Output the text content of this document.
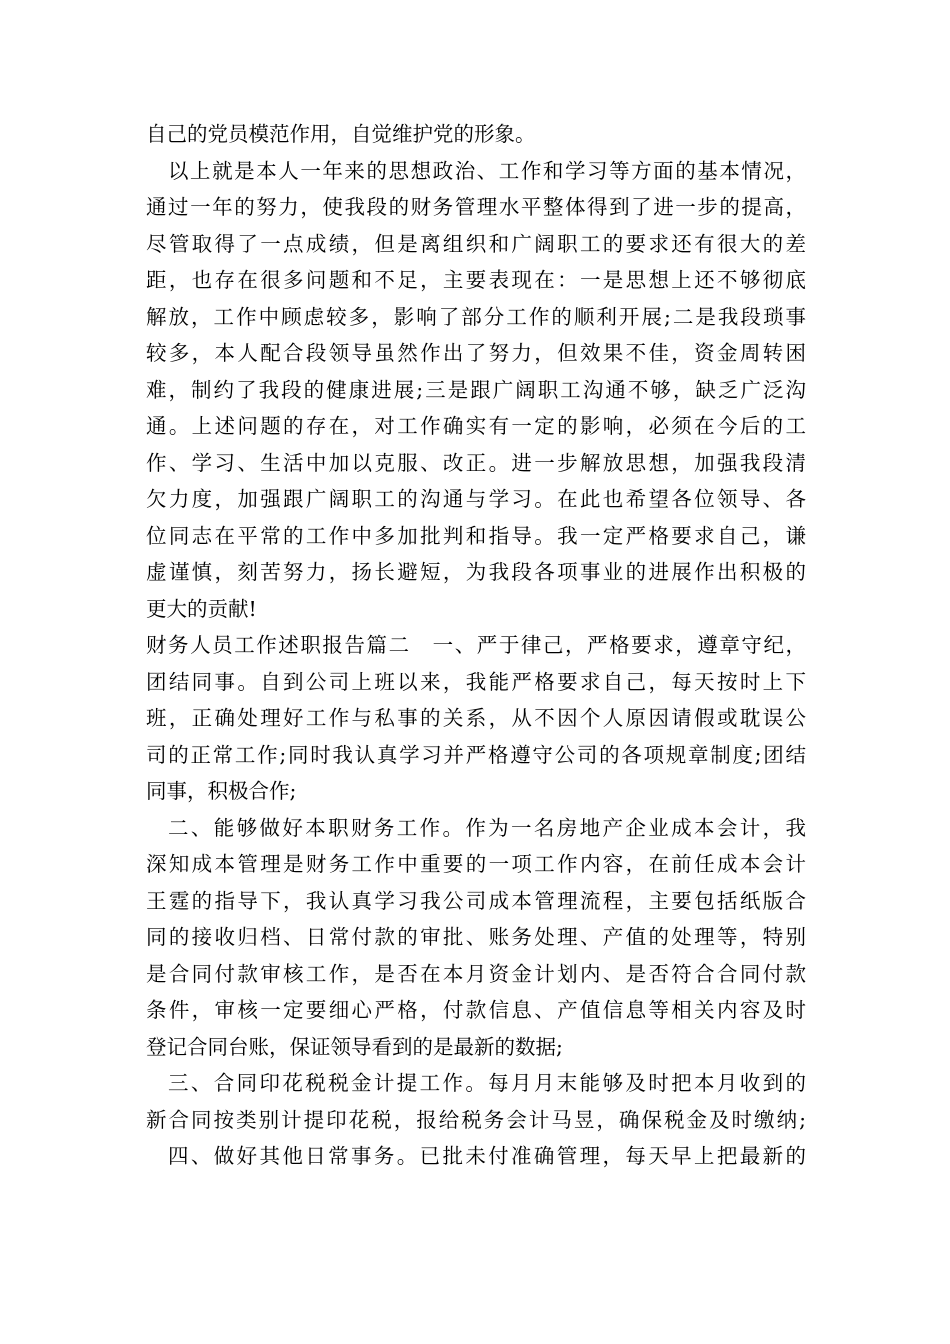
自己的党员模范作用，自觉维护党的形象。
以上就是本人一年来的思想政治、工作和学习等方面的基本情况，
通过一年的努力，使我段的财务管理水平整体得到了进一步的提高，
尽管取得了一点成绩，但是离组织和广阔职工的要求还有很大的差
距，也存在很多问题和不足，主要表现在：一是思想上还不够彻底
解放，工作中顾虑较多，影响了部分工作的顺利开展;二是我段琐事
较多，本人配合段领导虽然作出了努力，但效果不佳，资金周转困
难，制约了我段的健康进展;三是跟广阔职工沟通不够，缺乏广泛沟
通。上述问题的存在，对工作确实有一定的影响，必须在今后的工
作、学习、生活中加以克服、改正。进一步解放思想，加强我段清
欠力度，加强跟广阔职工的沟通与学习。在此也希望各位领导、各
位同志在平常的工作中多加批判和指导。我一定严格要求自己，谦
虚谨慎，刻苦努力，扬长避短，为我段各项事业的进展作出积极的
更大的贡献!
财务人员工作述职报告篇二　一、严于律己，严格要求，遵章守纪，
团结同事。自到公司上班以来，我能严格要求自己，每天按时上下
班，正确处理好工作与私事的关系，从不因个人原因请假或耽误公
司的正常工作;同时我认真学习并严格遵守公司的各项规章制度;团结
同事，积极合作;
二、能够做好本职财务工作。作为一名房地产企业成本会计，我
深知成本管理是财务工作中重要的一项工作内容，在前任成本会计
王霆的指导下，我认真学习我公司成本管理流程，主要包括纸版合
同的接收归档、日常付款的审批、账务处理、产值的处理等，特别
是合同付款审核工作，是否在本月资金计划内、是否符合合同付款
条件，审核一定要细心严格，付款信息、产值信息等相关内容及时
登记合同台账，保证领导看到的是最新的数据;
三、合同印花税税金计提工作。每月月末能够及时把本月收到的
新合同按类别计提印花税，报给税务会计马昱，确保税金及时缴纳;
四、做好其他日常事务。已批未付准确管理，每天早上把最新的
